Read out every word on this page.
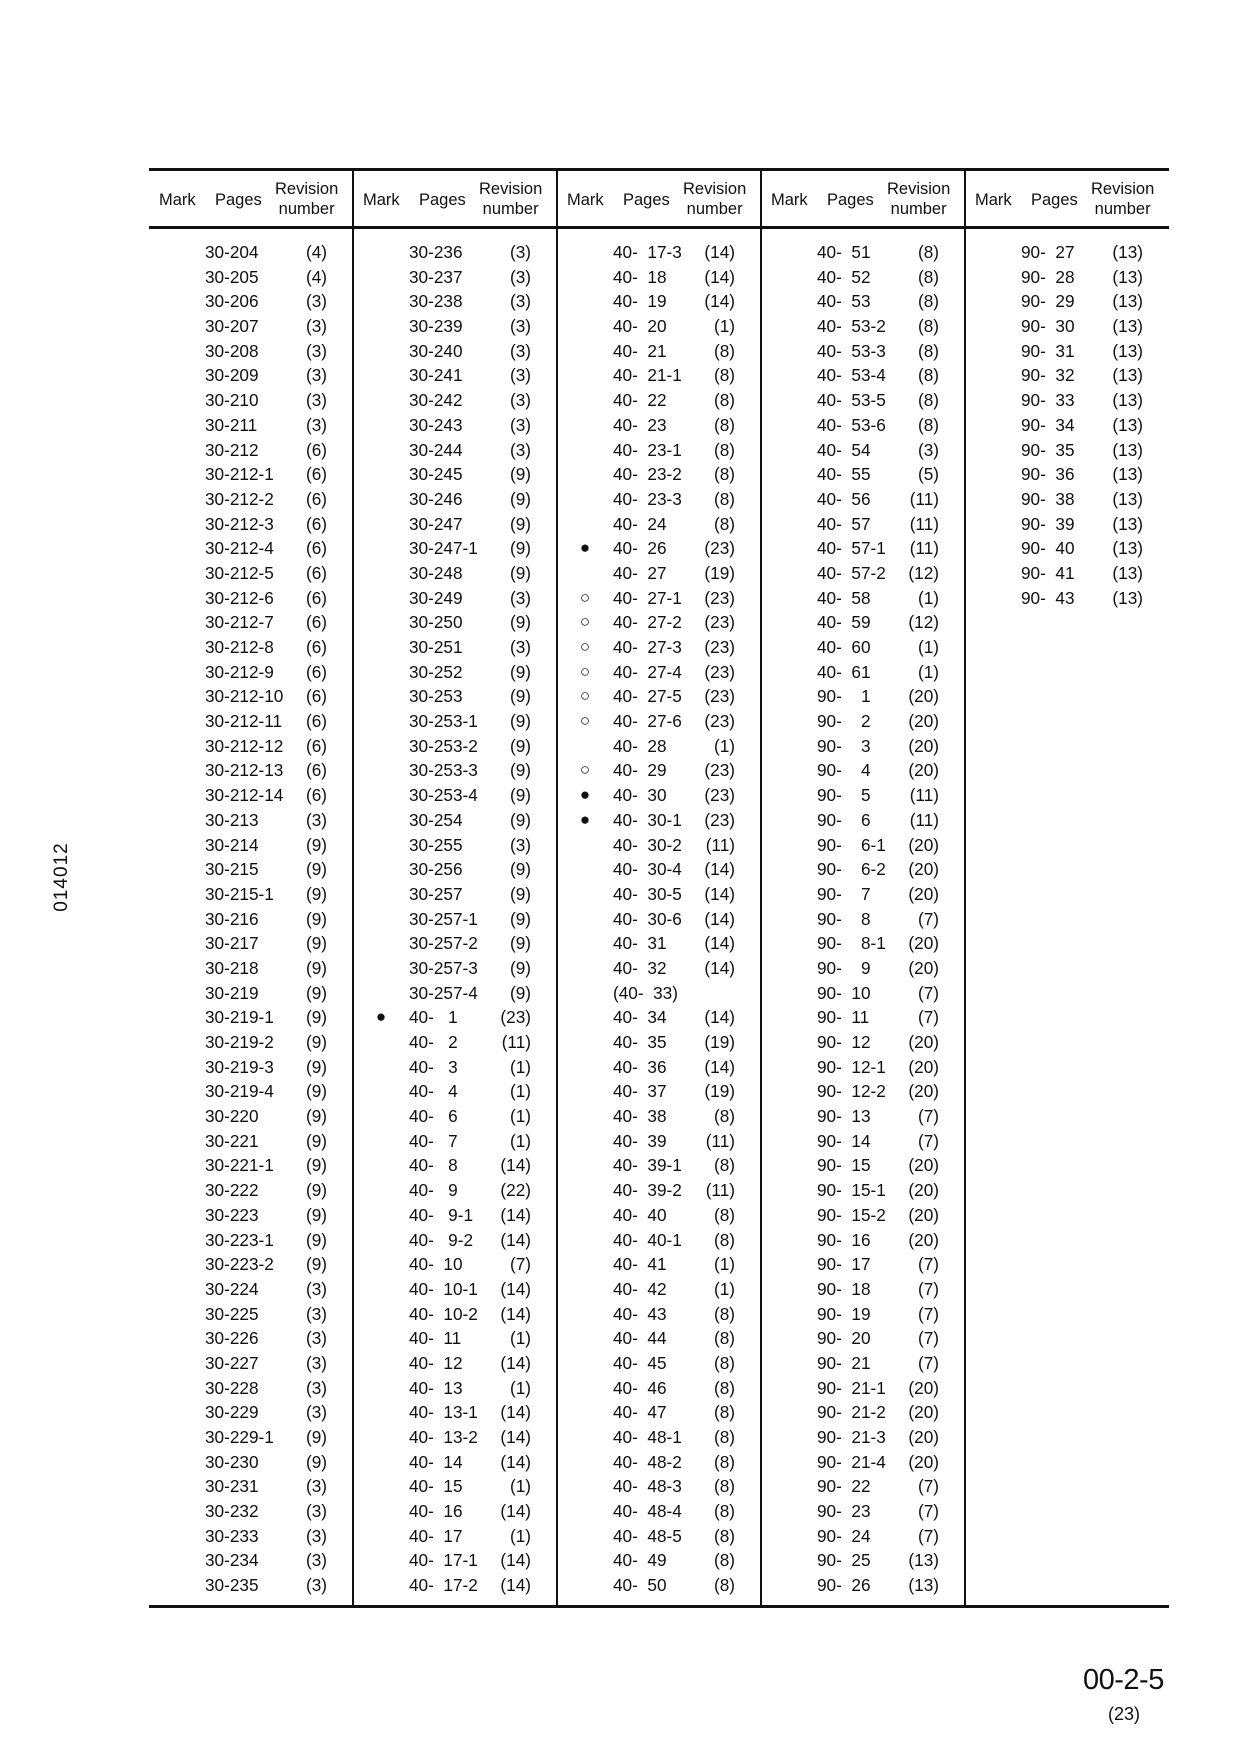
014012
Mark Pages
Revision
number
30-204	(4)
30-205	(4)
30-206	(3)
30-207	(3)
30-208	(3)
30-209	(3)
30-210	(3)
30-211	(3)
30-212	(6)
30-212-1 (6)
30-212-2 (6)
30-212-3 (6)
30-212-4 (6)
30-212-5 (6)
30-212-6 (6)
30-212-7 (6)
30-212-8 (6)
30-212-9 (6)
30-212-10 (6)
30-212-11 (6)
30-212-12 (6)
30-212-13 (6)
30-212-14 (6)
30-213	(3)
30-214	(9)
30-215	(9)
30-215-1 (9)
30-216	(9)
30-217	(9)
30-218	(9)
30-219	(9)
30-219-1 (9)
30-219-2 (9)
30-219-3 (9)
30-219-4 (9)
30-220	(9)
30-221	(9)
30-221-1 (9)
30-222	(9)
30-223	(9)
30-223-1 (9)
30-223-2 (9)
30-224	(3)
30-225	(3)
30-226	(3)
30-227	(3)
30-228	(3)
30-229	(3)
30-229-1 (9)
30-230	(9)
30-231	(3)
30-232	(3)
30-233	(3)
30-234	(3)
30-235	(3)
Mark Pages
Revision
number
30-236	(3)
30-237	(3)
30-238	(3)
30-239	(3)
30-240	(3)
30-241	(3)
30-242	(3)
30-243	(3)
30-244	(3)
30-245	(9)
30-246	(9)
30-247	(9)
30-247-1 (9)
30-248	(9)
30-249	(3)
30-250	(9)
30-251	(3)
30-252	(9)
30-253	(9)
30-253-1 (9)
30-253-2 (9)
30-253-3 (9)
30-253-4 (9)
30-254	(9)
30-255	(3)
30-256	(9)
30-257	(9)
30-257-1 (9)
30-257-2 (9)
30-257-3 (9)
30-257-4 (9)
●	40-   1 (23)
40-   2	(11)
40-   3	(1)
40-   4	(1)
40-   6	(1)
40-   7	(1)
40-   8 (14)
40-   9 (22)
40-   9-1 (14)
40-   9-2 (14)
40-  10	(7)
40-  10-1 (14)
40-  10-2 (14)
40-  11	(1)
40-  12 (14)
40-  13	(1)
40-  13-1 (14)
40-  13-2 (14)
40-  14 (14)
40-  15	(1)
40-  16 (14)
40-  17	(1)
40-  17-1 (14)
40-  17-2 (14)
Mark Pages
Revision
number
40-  17-3 (14)
40-  18 (14)
40-  19 (14)
40-  20	(1)
40-  21	(8)
40-  21-1 (8)
40-  22	(8)
40-  23	(8)
40-  23-1 (8)
40-  23-2 (8)
40-  23-3 (8)
40-  24	(8)
●	40-  26 (23)
40-  27 (19)
○	40-  27-1 (23)
○	40-  27-2 (23)
○	40-  27-3 (23)
○	40-  27-4 (23)
○	40-  27-5 (23)
○	40-  27-6 (23)
40-  28	(1)
○	40-  29 (23)
●	40-  30 (23)
●	40-  30-1 (23)
40-  30-2 (11)
40-  30-4 (14)
40-  30-5 (14)
40-  30-6 (14)
40-  31 (14)
40-  32 (14)
(40-  33)
40-  34 (14)
40-  35 (19)
40-  36 (14)
40-  37 (19)
40-  38	(8)
40-  39 (11)
40-  39-1 (8)
40-  39-2 (11)
40-  40	(8)
40-  40-1 (8)
40-  41	(1)
40-  42	(1)
40-  43	(8)
40-  44	(8)
40-  45	(8)
40-  46	(8)
40-  47	(8)
40-  48-1 (8)
40-  48-2 (8)
40-  48-3 (8)
40-  48-4 (8)
40-  48-5 (8)
40-  49	(8)
40-  50	(8)
Mark Pages
Revision
number
40-  51	(8)
40-  52	(8)
40-  53	(8)
40-  53-2 (8)
40-  53-3 (8)
40-  53-4 (8)
40-  53-5 (8)
40-  53-6 (8)
40-  54	(3)
40-  55	(5)
40-  56 (11)
40-  57 (11)
40-  57-1 (11)
40-  57-2 (12)
40-  58	(1)
40-  59 (12)
40-  60	(1)
40-  61	(1)
90-    1 (20)
90-    2 (20)
90-    3 (20)
90-    4 (20)
90-    5 (11)
90-    6 (11)
90-    6-1 (20)
90-    6-2 (20)
90-    7 (20)
90-    8	(7)
90-    8-1 (20)
90-    9 (20)
90-  10	(7)
90-  11	(7)
90-  12 (20)
90-  12-1 (20)
90-  12-2 (20)
90-  13	(7)
90-  14	(7)
90-  15 (20)
90-  15-1 (20)
90-  15-2 (20)
90-  16 (20)
90-  17	(7)
90-  18	(7)
90-  19	(7)
90-  20	(7)
90-  21	(7)
90-  21-1 (20)
90-  21-2 (20)
90-  21-3 (20)
90-  21-4 (20)
90-  22	(7)
90-  23	(7)
90-  24	(7)
90-  25 (13)
90-  26 (13)
Mark Pages
Revision
number
90-  27 (13)
90-  28 (13)
90-  29 (13)
90-  30 (13)
90-  31 (13)
90-  32 (13)
90-  33 (13)
90-  34 (13)
90-  35 (13)
90-  36 (13)
90-  38 (13)
90-  39 (13)
90-  40 (13)
90-  41 (13)
90-  43 (13)
00-2-5
(23)
